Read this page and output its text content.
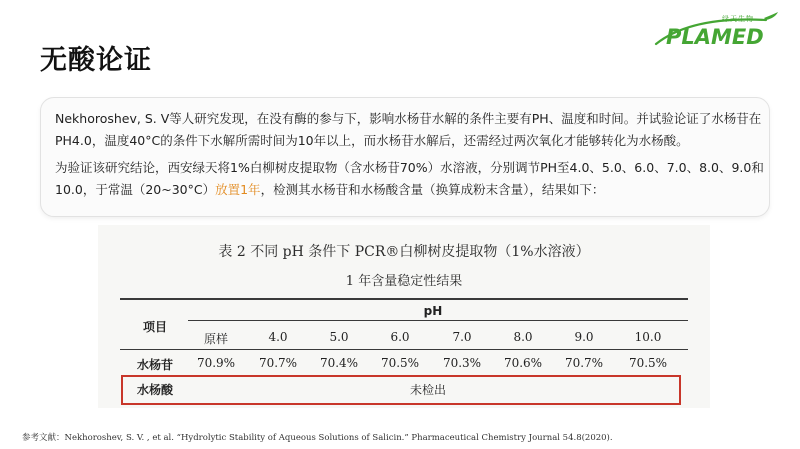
无酸论证
绿天生物
PLAMED

Nekhoroshev, S. V等人研究发现，在没有酶的参与下，影响水杨苷水解的条件主要有PH、温度和时间。并试验论证了水杨苷在PH4.0，温度40°C的条件下水解所需时间为10年以上，而水杨苷水解后，还需经过两次氧化才能够转化为水杨酸。

为验证该研究结论，西安绿天将1%白柳树皮提取物（含水杨苷70%）水溶液，分别调节PH至4.0、5.0、6.0、7.0、8.0、9.0和10.0，于常温（20~30°C）放置1年，检测其水杨苷和水杨酸含量（换算成粉末含量），结果如下：

表 2 不同 pH 条件下 PCR®白柳树皮提取物（1%水溶液）
1 年含量稳定性结果
pH
项目
原样	4.0	5.0	6.0	7.0	8.0	9.0	10.0
水杨苷	70.9%	70.7%	70.4%	70.5%	70.3%	70.6%	70.7%	70.5%
水杨酸	未检出
参考文献：Nekhoroshev, S. V. , et al. “Hydrolytic Stability of Aqueous Solutions of Salicin.” Pharmaceutical Chemistry Journal 54.8(2020).
